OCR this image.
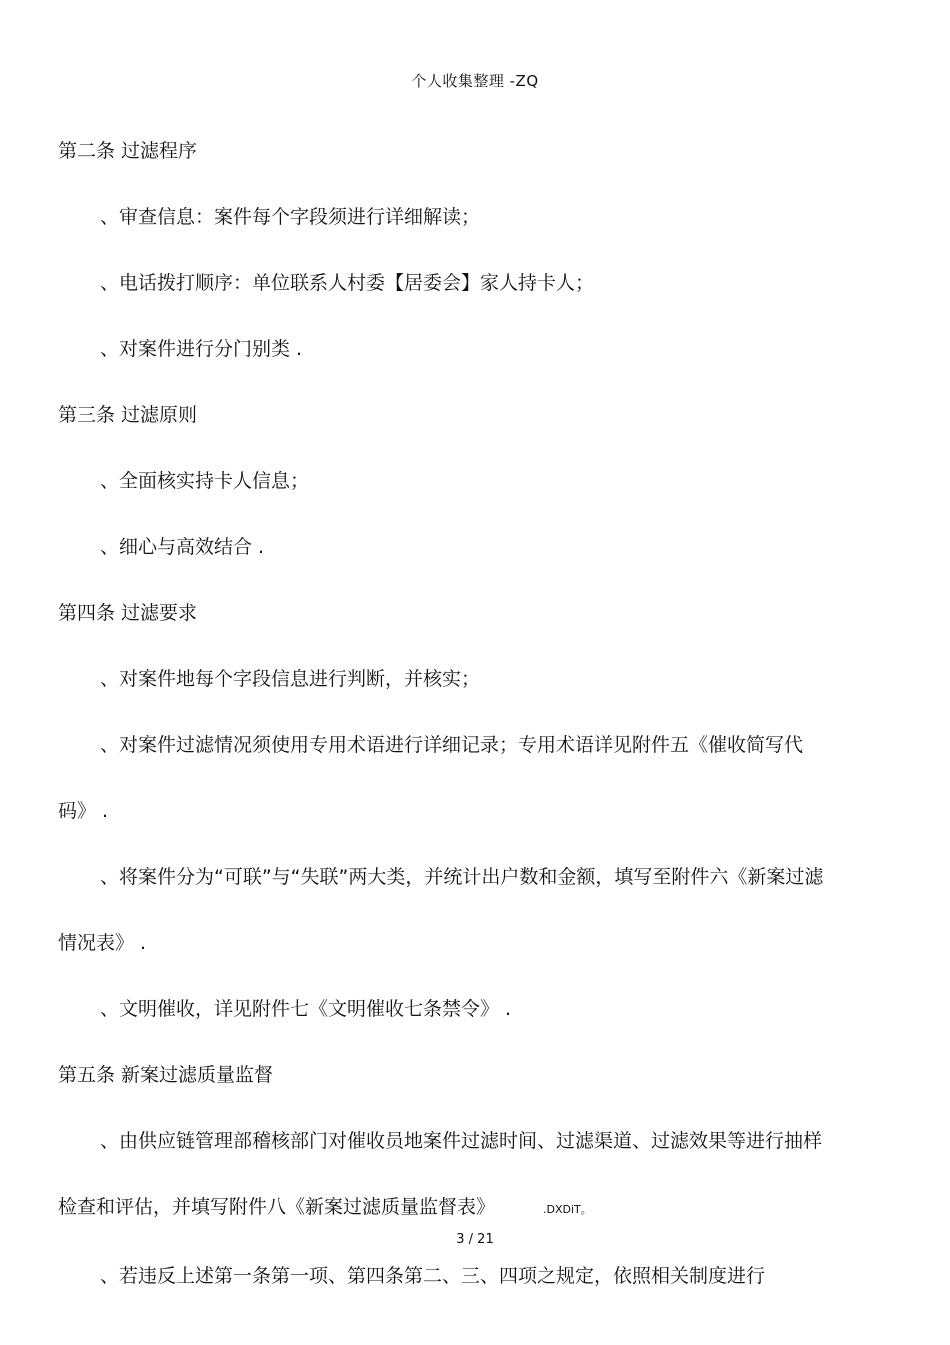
个人收集整理 -ZQ
第二条 过滤程序
、审查信息：案件每个字段须进行详细解读；
、电话拨打顺序：单位联系人村委【居委会】家人持卡人；
、对案件进行分门别类 .
第三条 过滤原则
、全面核实持卡人信息；
、细心与高效结合 .
第四条 过滤要求
、对案件地每个字段信息进行判断，并核实；
、对案件过滤情况须使用专用术语进行详细记录；专用术语详见附件五《催收简写代码》 .
、将案件分为“可联”与“失联”两大类，并统计出户数和金额，填写至附件六《新案过滤情况表》 .
、文明催收，详见附件七《文明催收七条禁令》 .
第五条 新案过滤质量监督
、由供应链管理部稽核部门对催收员地案件过滤时间、过滤渠道、过滤效果等进行抽样检查和评估，并填写附件八《新案过滤质量监督表》	.DXDiT。
、若违反上述第一条第一项、第四条第二、三、四项之规定，依照相关制度进行
3 / 21
